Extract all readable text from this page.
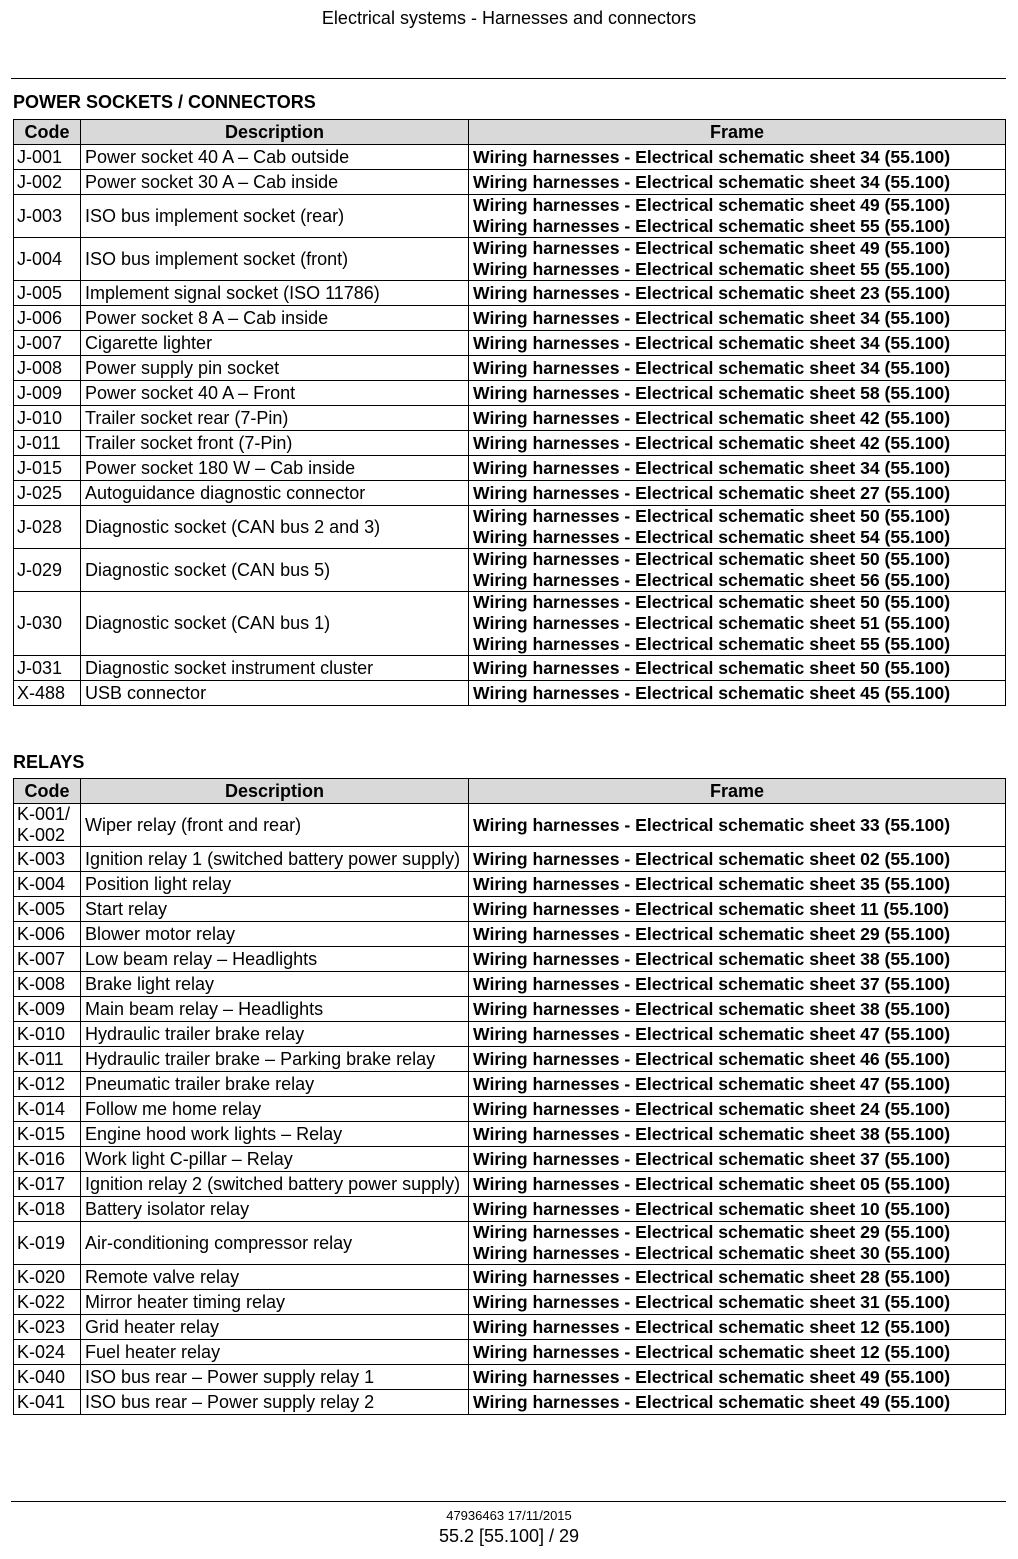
Electrical systems - Harnesses and connectors
POWER SOCKETS / CONNECTORS
Code	Description	Frame
J-001	Power socket 40 A – Cab outside	Wiring harnesses - Electrical schematic sheet 34 (55.100)

J-002	Power socket 30 A – Cab inside	Wiring harnesses - Electrical schematic sheet 34 (55.100)

J-003	ISO bus implement socket (rear)	Wiring harnesses - Electrical schematic sheet 49 (55.100)
Wiring harnesses - Electrical schematic sheet 55 (55.100)

J-004	ISO bus implement socket (front)	Wiring harnesses - Electrical schematic sheet 49 (55.100)
Wiring harnesses - Electrical schematic sheet 55 (55.100)

J-005	Implement signal socket (ISO 11786)	Wiring harnesses - Electrical schematic sheet 23 (55.100)

J-006	Power socket 8 A – Cab inside	Wiring harnesses - Electrical schematic sheet 34 (55.100)

J-007	Cigarette lighter	Wiring harnesses - Electrical schematic sheet 34 (55.100)

J-008	Power supply pin socket	Wiring harnesses - Electrical schematic sheet 34 (55.100)

J-009	Power socket 40 A – Front	Wiring harnesses - Electrical schematic sheet 58 (55.100)

J-010	Trailer socket rear (7-Pin)	Wiring harnesses - Electrical schematic sheet 42 (55.100)

J-011	Trailer socket front (7-Pin)	Wiring harnesses - Electrical schematic sheet 42 (55.100)

J-015	Power socket 180 W – Cab inside	Wiring harnesses - Electrical schematic sheet 34 (55.100)

J-025	Autoguidance diagnostic connector	Wiring harnesses - Electrical schematic sheet 27 (55.100)

J-028	Diagnostic socket (CAN bus 2 and 3)	Wiring harnesses - Electrical schematic sheet 50 (55.100)
Wiring harnesses - Electrical schematic sheet 54 (55.100)

J-029	Diagnostic socket (CAN bus 5)	Wiring harnesses - Electrical schematic sheet 50 (55.100)
Wiring harnesses - Electrical schematic sheet 56 (55.100)

J-030	Diagnostic socket (CAN bus 1)	Wiring harnesses - Electrical schematic sheet 50 (55.100)
Wiring harnesses - Electrical schematic sheet 51 (55.100)
Wiring harnesses - Electrical schematic sheet 55 (55.100)

J-031	Diagnostic socket instrument cluster	Wiring harnesses - Electrical schematic sheet 50 (55.100)

X-488	USB connector	Wiring harnesses - Electrical schematic sheet 45 (55.100)
RELAYS
Code	Description	Frame
K-001/ K-002	Wiper relay (front and rear)	Wiring harnesses - Electrical schematic sheet 33 (55.100)

K-003	Ignition relay 1 (switched battery power supply)	Wiring harnesses - Electrical schematic sheet 02 (55.100)

K-004	Position light relay	Wiring harnesses - Electrical schematic sheet 35 (55.100)

K-005	Start relay	Wiring harnesses - Electrical schematic sheet 11 (55.100)

K-006	Blower motor relay	Wiring harnesses - Electrical schematic sheet 29 (55.100)

K-007	Low beam relay – Headlights	Wiring harnesses - Electrical schematic sheet 38 (55.100)

K-008	Brake light relay	Wiring harnesses - Electrical schematic sheet 37 (55.100)

K-009	Main beam relay – Headlights	Wiring harnesses - Electrical schematic sheet 38 (55.100)

K-010	Hydraulic trailer brake relay	Wiring harnesses - Electrical schematic sheet 47 (55.100)

K-011	Hydraulic trailer brake – Parking brake relay	Wiring harnesses - Electrical schematic sheet 46 (55.100)

K-012	Pneumatic trailer brake relay	Wiring harnesses - Electrical schematic sheet 47 (55.100)

K-014	Follow me home relay	Wiring harnesses - Electrical schematic sheet 24 (55.100)

K-015	Engine hood work lights – Relay	Wiring harnesses - Electrical schematic sheet 38 (55.100)

K-016	Work light C-pillar – Relay	Wiring harnesses - Electrical schematic sheet 37 (55.100)

K-017	Ignition relay 2 (switched battery power supply)	Wiring harnesses - Electrical schematic sheet 05 (55.100)

K-018	Battery isolator relay	Wiring harnesses - Electrical schematic sheet 10 (55.100)

K-019	Air-conditioning compressor relay	Wiring harnesses - Electrical schematic sheet 29 (55.100)
Wiring harnesses - Electrical schematic sheet 30 (55.100)

K-020	Remote valve relay	Wiring harnesses - Electrical schematic sheet 28 (55.100)

K-022	Mirror heater timing relay	Wiring harnesses - Electrical schematic sheet 31 (55.100)

K-023	Grid heater relay	Wiring harnesses - Electrical schematic sheet 12 (55.100)

K-024	Fuel heater relay	Wiring harnesses - Electrical schematic sheet 12 (55.100)

K-040	ISO bus rear – Power supply relay 1	Wiring harnesses - Electrical schematic sheet 49 (55.100)

K-041	ISO bus rear – Power supply relay 2	Wiring harnesses - Electrical schematic sheet 49 (55.100)
47936463 17/11/2015
55.2 [55.100] / 29
